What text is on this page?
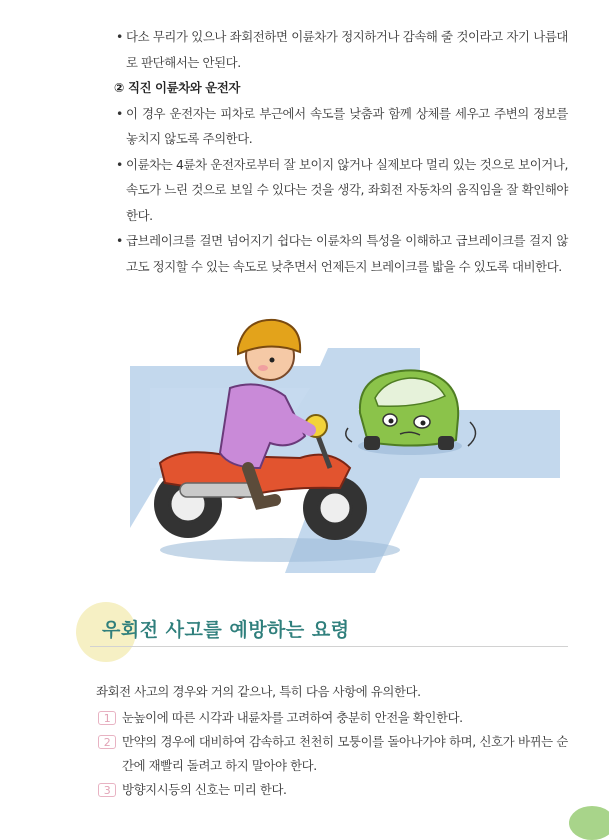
• 다소 무리가 있으나 좌회전하면 이륜차가 정지하거나 감속해 줄 것이라고 자기 나름대로 판단해서는 안된다.
② 직진 이륜차와 운전자
• 이 경우 운전자는 피차로 부근에서 속도를 낮춤과 함께 상체를 세우고 주변의 정보를 놓치지 않도록 주의한다.
• 이륜차는 4륜차 운전자로부터 잘 보이지 않거나 실제보다 멀리 있는 것으로 보이거나, 속도가 느린 것으로 보일 수 있다는 것을 생각, 좌회전 자동차의 움직임을 잘 확인해야 한다.
• 급브레이크를 걸면 넘어지기 쉽다는 이륜차의 특성을 이해하고 급브레이크를 걸지 않고도 정지할 수 있는 속도로 낮추면서 언제든지 브레이크를 밟을 수 있도록 대비한다.
우회전 사고를 예방하는 요령
좌회전 사고의 경우와 거의 같으나, 특히 다음 사항에 유의한다.
1 눈높이에 따른 시각과 내륜차를 고려하여 충분히 안전을 확인한다.
2 만약의 경우에 대비하여 감속하고 천천히 모퉁이를 돌아나가야 하며, 신호가 바뀌는 순간에 재빨리 돌려고 하지 말아야 한다.
3 방향지시등의 신호는 미리 한다.
